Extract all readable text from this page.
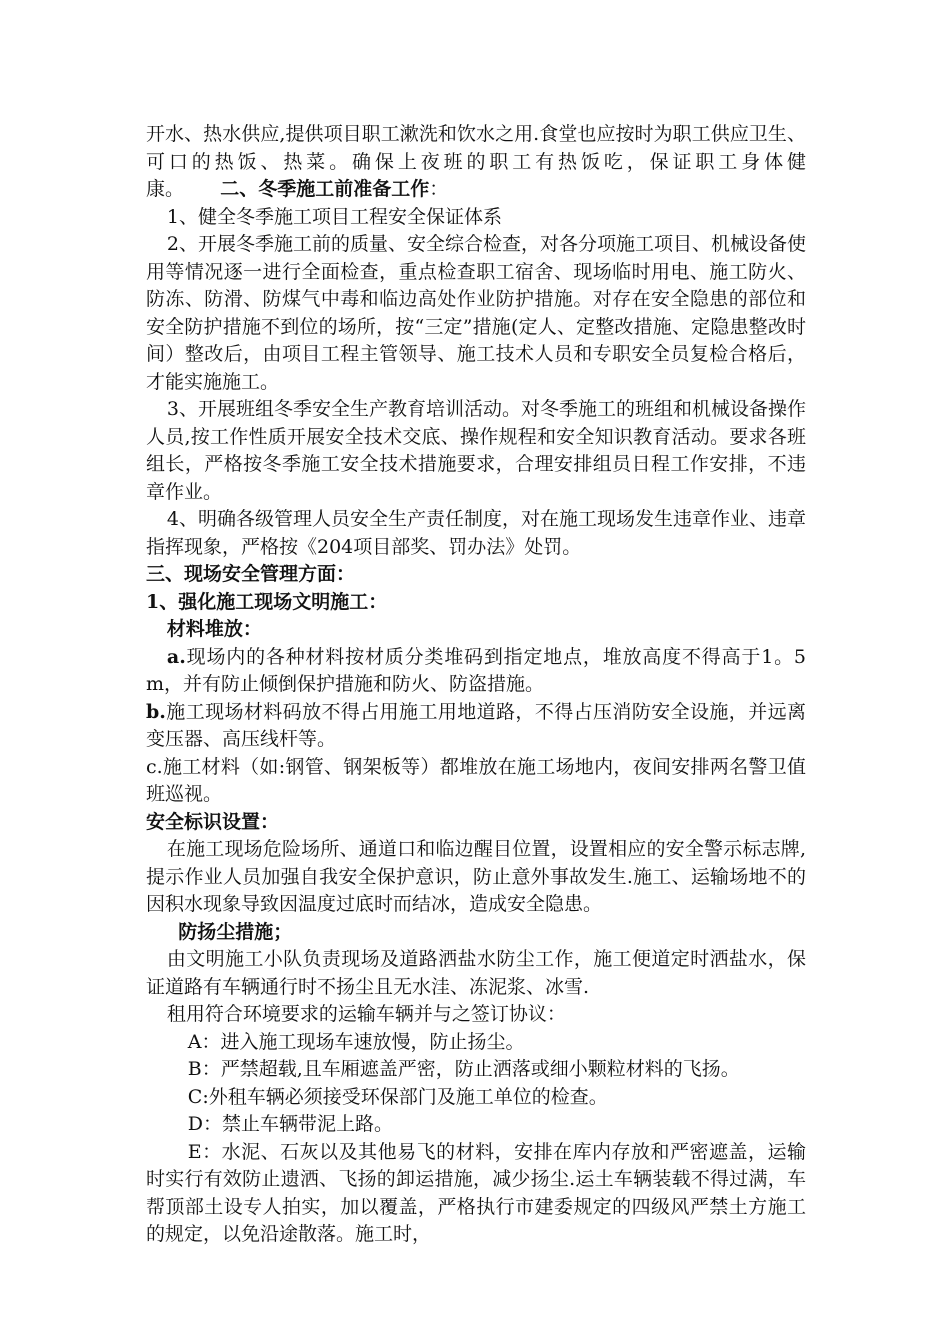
开水、热水供应,提供项目职工漱洗和饮水之用.食堂也应按时为职工供应卫生、可口的热饭、热菜。确保上夜班的职工有热饭吃，保证职工身体健康。 二、冬季施工前准备工作：

1、健全冬季施工项目工程安全保证体系

2、开展冬季施工前的质量、安全综合检查，对各分项施工项目、机械设备使用等情况逐一进行全面检查，重点检查职工宿舍、现场临时用电、施工防火、防冻、防滑、防煤气中毒和临边高处作业防护措施。对存在安全隐患的部位和安全防护措施不到位的场所，按“三定”措施(定人、定整改措施、定隐患整改时间）整改后，由项目工程主管领导、施工技术人员和专职安全员复检合格后，才能实施施工。

3、开展班组冬季安全生产教育培训活动。对冬季施工的班组和机械设备操作人员,按工作性质开展安全技术交底、操作规程和安全知识教育活动。要求各班组长，严格按冬季施工安全技术措施要求，合理安排组员日程工作安排，不违章作业。

4、明确各级管理人员安全生产责任制度，对在施工现场发生违章作业、违章指挥现象，严格按《204项目部奖、罚办法》处罚。

三、现场安全管理方面：

1、强化施工现场文明施工：

材料堆放：

a.现场内的各种材料按材质分类堆码到指定地点，堆放高度不得高于1。5m，并有防止倾倒保护措施和防火、防盗措施。

b.施工现场材料码放不得占用施工用地道路，不得占压消防安全设施，并远离变压器、高压线杆等。

c.施工材料（如:钢管、钢架板等）都堆放在施工场地内，夜间安排两名警卫值班巡视。

安全标识设置：

在施工现场危险场所、通道口和临边醒目位置，设置相应的安全警示标志牌,提示作业人员加强自我安全保护意识，防止意外事故发生.施工、运输场地不的因积水现象导致因温度过底时而结冰，造成安全隐患。

防扬尘措施；

由文明施工小队负责现场及道路洒盐水防尘工作，施工便道定时洒盐水，保证道路有车辆通行时不扬尘且无水洼、冻泥浆、冰雪.

租用符合环境要求的运输车辆并与之签订协议：

A：进入施工现场车速放慢，防止扬尘。

B：严禁超载,且车厢遮盖严密，防止洒落或细小颗粒材料的飞扬。

C:外租车辆必须接受环保部门及施工单位的检查。

D：禁止车辆带泥上路。

E：水泥、石灰以及其他易飞的材料，安排在库内存放和严密遮盖，运输时实行有效防止遗洒、飞扬的卸运措施，减少扬尘.运土车辆装载不得过满，车帮顶部土设专人拍实，加以覆盖，严格执行市建委规定的四级风严禁土方施工的规定，以免沿途散落。施工时，
